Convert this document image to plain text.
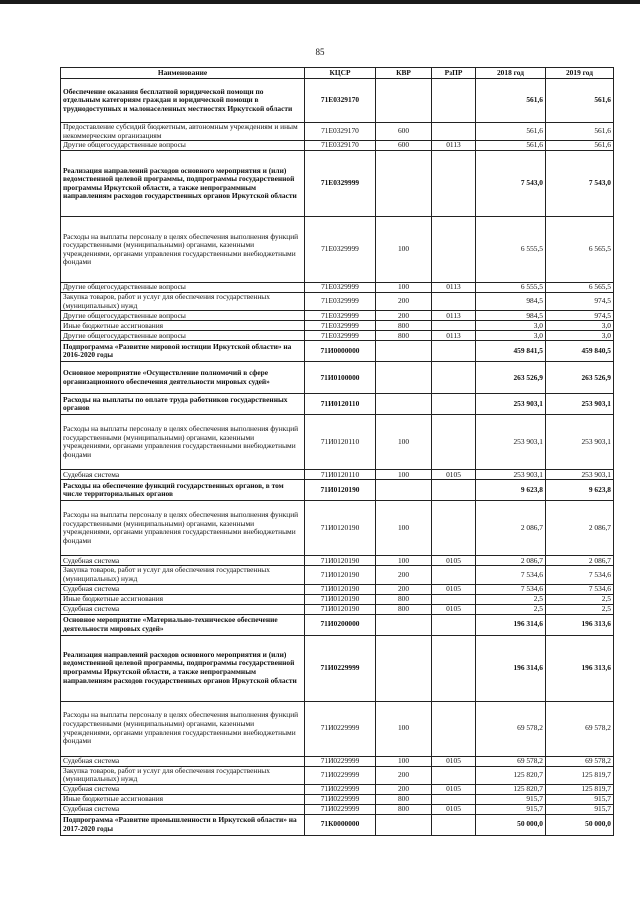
85
Наименование	КЦСР	КВР	РзПР	2018 год	2019 год
Обеспечение оказания бесплатной юридической помощи по отдельным категориям граждан и юридической помощи в труднодоступных и малонаселенных местностях Иркутской области	71Е0329170			561,6	561,6
Предоставление субсидий бюджетным, автономным учреждениям и иным некоммерческим организациям	71Е0329170	600		561,6	561,6
Другие общегосударственные вопросы	71Е0329170	600	0113	561,6	561,6
Реализация направлений расходов основного мероприятия и (или) ведомственной целевой программы, подпрограммы государственной программы Иркутской области, а также непрограммным направлениям расходов государственных органов Иркутской области	71Е0329999			7 543,0	7 543,0
Расходы на выплаты персоналу в целях обеспечения выполнения функций государственными (муниципальными) органами, казенными учреждениями, органами управления государственными внебюджетными фондами	71Е0329999	100		6 555,5	6 565,5
Другие общегосударственные вопросы	71Е0329999	100	0113	6 555,5	6 565,5
Закупка товаров, работ и услуг для обеспечения государственных (муниципальных) нужд	71Е0329999	200		984,5	974,5
Другие общегосударственные вопросы	71Е0329999	200	0113	984,5	974,5
Иные бюджетные ассигнования	71Е0329999	800		3,0	3,0
Другие общегосударственные вопросы	71Е0329999	800	0113	3,0	3,0
Подпрограмма «Развитие мировой юстиции Иркутской области» на 2016-2020 годы	71И0000000			459 841,5	459 840,5
Основное мероприятие «Осуществление полномочий в сфере организационного обеспечения деятельности мировых судей»	71И0100000			263 526,9	263 526,9
Расходы на выплаты по оплате труда работников государственных органов	71И0120110			253 903,1	253 903,1
Расходы на выплаты персоналу в целях обеспечения выполнения функций государственными (муниципальными) органами, казенными учреждениями, органами управления государственными внебюджетными фондами	71И0120110	100		253 903,1	253 903,1
Судебная система	71И0120110	100	0105	253 903,1	253 903,1
Расходы на обеспечение функций государственных органов, в том числе территориальных органов	71И0120190			9 623,8	9 623,8
Расходы на выплаты персоналу в целях обеспечения выполнения функций государственными (муниципальными) органами, казенными учреждениями, органами управления государственными внебюджетными фондами	71И0120190	100		2 086,7	2 086,7
Судебная система	71И0120190	100	0105	2 086,7	2 086,7
Закупка товаров, работ и услуг для обеспечения государственных (муниципальных) нужд	71И0120190	200		7 534,6	7 534,6
Судебная система	71И0120190	200	0105	7 534,6	7 534,6
Иные бюджетные ассигнования	71И0120190	800		2,5	2,5
Судебная система	71И0120190	800	0105	2,5	2,5
Основное мероприятие «Материально-техническое обеспечение деятельности мировых судей»	71И0200000			196 314,6	196 313,6
Реализация направлений расходов основного мероприятия и (или) ведомственной целевой программы, подпрограммы государственной программы Иркутской области, а также непрограммным направлениям расходов государственных органов Иркутской области	71И0229999			196 314,6	196 313,6
Расходы на выплаты персоналу в целях обеспечения выполнения функций государственными (муниципальными) органами, казенными учреждениями, органами управления государственными внебюджетными фондами	71И0229999	100		69 578,2	69 578,2
Судебная система	71И0229999	100	0105	69 578,2	69 578,2
Закупка товаров, работ и услуг для обеспечения государственных (муниципальных) нужд	71И0229999	200		125 820,7	125 819,7
Судебная система	71И0229999	200	0105	125 820,7	125 819,7
Иные бюджетные ассигнования	71И0229999	800		915,7	915,7
Судебная система	71И0229999	800	0105	915,7	915,7
Подпрограмма «Развитие промышленности в Иркутской области» на 2017-2020 годы	71К0000000			50 000,0	50 000,0
